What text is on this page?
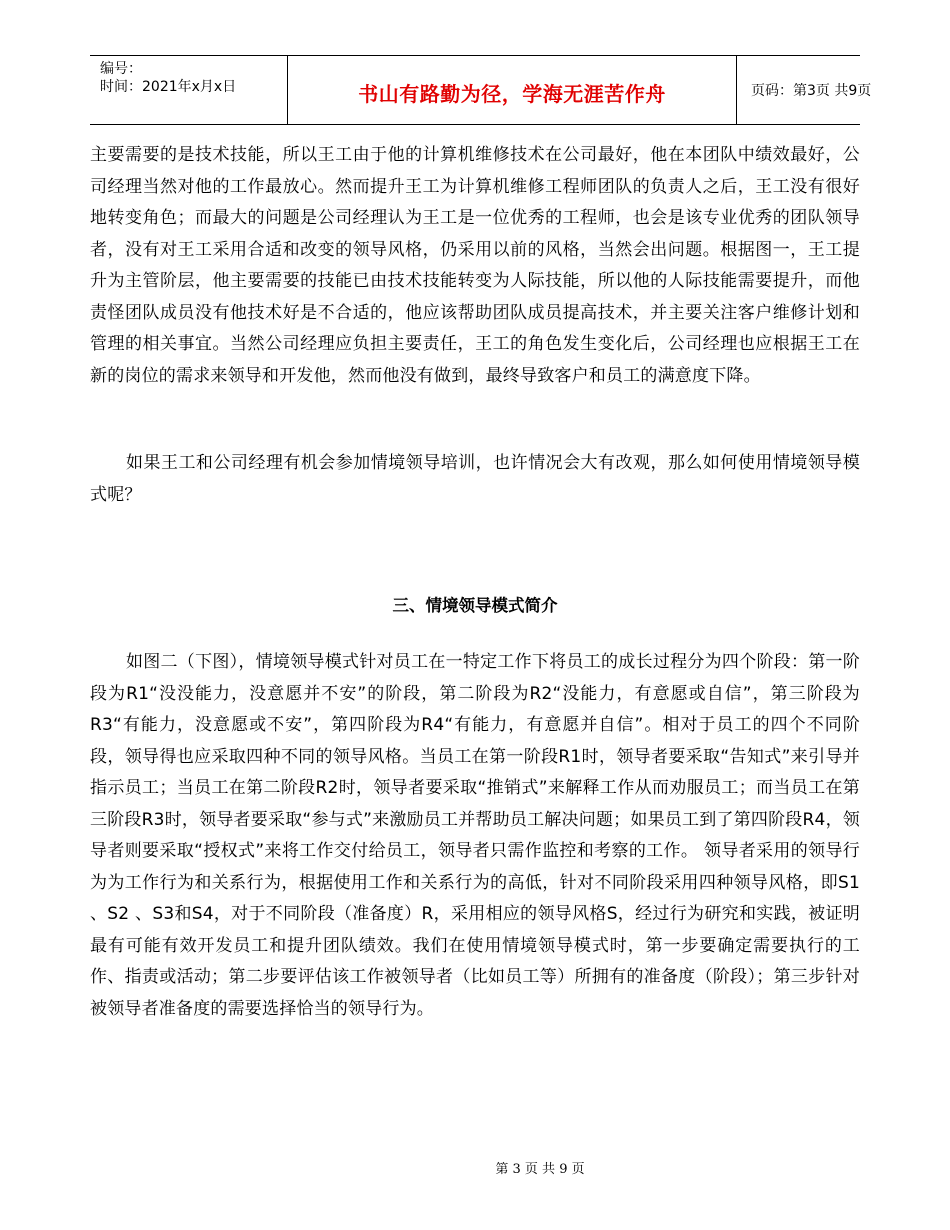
编号：
时间：2021年x月x日	书山有路勤为径，学海无涯苦作舟	页码：第3页 共9页

主要需要的是技术技能，所以王工由于他的计算机维修技术在公司最好，他在本团队中绩效最好，公司经理当然对他的工作最放心。然而提升王工为计算机维修工程师团队的负责人之后，王工没有很好地转变角色；而最大的问题是公司经理认为王工是一位优秀的工程师，也会是该专业优秀的团队领导者，没有对王工采用合适和改变的领导风格，仍采用以前的风格，当然会出问题。根据图一，王工提升为主管阶层，他主要需要的技能已由技术技能转变为人际技能，所以他的人际技能需要提升，而他责怪团队成员没有他技术好是不合适的，他应该帮助团队成员提高技术，并主要关注客户维修计划和管理的相关事宜。当然公司经理应负担主要责任，王工的角色发生变化后，公司经理也应根据王工在新的岗位的需求来领导和开发他，然而他没有做到，最终导致客户和员工的满意度下降。

如果王工和公司经理有机会参加情境领导培训，也许情况会大有改观，那么如何使用情境领导模式呢？

三、情境领导模式简介

如图二（下图），情境领导模式针对员工在一特定工作下将员工的成长过程分为四个阶段：第一阶段为R1“没没能力，没意愿并不安”的阶段，第二阶段为R2“没能力，有意愿或自信”，第三阶段为R3“有能力，没意愿或不安”，第四阶段为R4“有能力，有意愿并自信”。相对于员工的四个不同阶段，领导得也应采取四种不同的领导风格。当员工在第一阶段R1时，领导者要采取“告知式”来引导并指示员工；当员工在第二阶段R2时，领导者要采取“推销式”来解释工作从而劝服员工；而当员工在第三阶段R3时，领导者要采取“参与式”来激励员工并帮助员工解决问题；如果员工到了第四阶段R4，领导者则要采取“授权式”来将工作交付给员工，领导者只需作监控和考察的工作。 领导者采用的领导行为为工作行为和关系行为，根据使用工作和关系行为的高低，针对不同阶段采用四种领导风格，即S1 、S2 、S3和S4，对于不同阶段（准备度）R，采用相应的领导风格S，经过行为研究和实践，被证明最有可能有效开发员工和提升团队绩效。我们在使用情境领导模式时，第一步要确定需要执行的工作、指责或活动；第二步要评估该工作被领导者（比如员工等）所拥有的准备度（阶段）；第三步针对被领导者准备度的需要选择恰当的领导行为。

第 3 页 共 9 页
